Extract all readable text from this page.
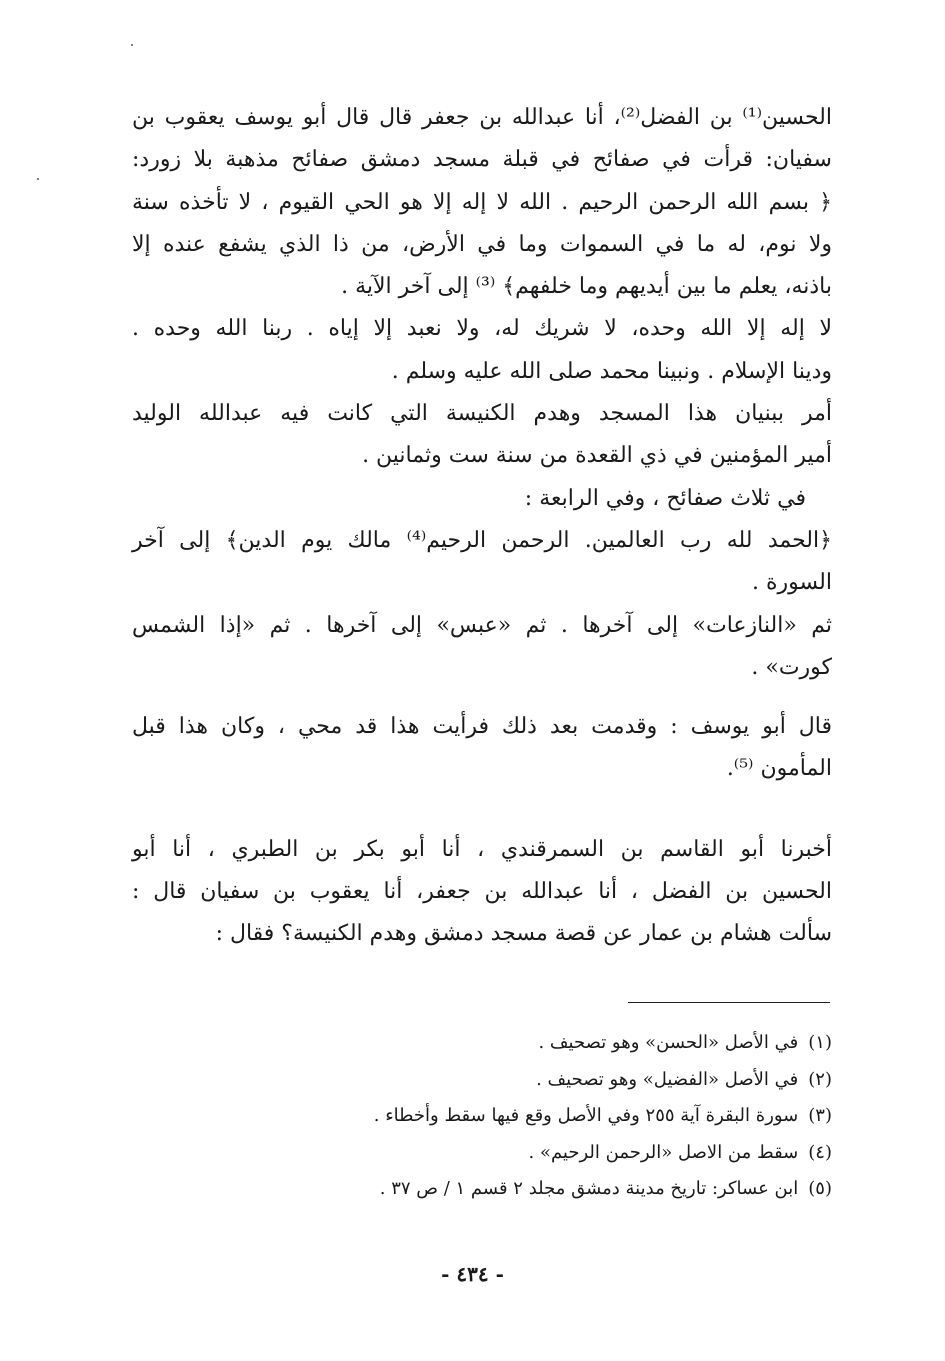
الحسين⁽¹⁾ بن الفضل⁽²⁾، أنا عبدالله بن جعفر قال قال أبو يوسف يعقوب بن
سفيان: قرأت في صفائح في قبلة مسجد دمشق صفائح مذهبة بلا زورد:
﴿ بسم الله الرحمن الرحيم . الله لا إله إلا هو الحي القيوم ، لا تأخذه سنة
ولا نوم، له ما في السموات وما في الأرض، من ذا الذي يشفع عنده إلا
باذنه، يعلم ما بين أيديهم وما خلفهم﴾ ⁽³⁾ إلى آخر الآية .
لا إله إلا الله وحده، لا شريك له، ولا نعبد إلا إياه . ربنا الله وحده .
ودينا الإسلام . ونبينا محمد صلى الله عليه وسلم .
أمر ببنيان هذا المسجد وهدم الكنيسة التي كانت فيه عبدالله الوليد
أمير المؤمنين في ذي القعدة من سنة ست وثمانين .
في ثلاث صفائح ، وفي الرابعة :
﴿الحمد لله رب العالمين. الرحمن الرحيم⁽⁴⁾ مالك يوم الدين﴾ إلى آخر
السورة .
ثم «النازعات» إلى آخرها . ثم «عبس» إلى آخرها . ثم «إذا الشمس
كورت» .
قال أبو يوسف : وقدمت بعد ذلك فرأيت هذا قد محي ، وكان هذا قبل
المأمون ⁽⁵⁾.
أخبرنا أبو القاسم بن السمرقندي ، أنا أبو بكر بن الطبري ، أنا أبو
الحسين بن الفضل ، أنا عبدالله بن جعفر، أنا يعقوب بن سفيان قال :
سألت هشام بن عمار عن قصة مسجد دمشق وهدم الكنيسة؟ فقال :
(١)في الأصل «الحسن» وهو تصحيف .
(٢)في الأصل «الفضيل» وهو تصحيف .
(٣)سورة البقرة آية ٢٥٥ وفي الأصل وقع فيها سقط وأخطاء .
(٤)سقط من الاصل «الرحمن الرحيم» .
(٥)ابن عساكر: تاريخ مدينة دمشق مجلد ٢ قسم ١ / ص ٣٧ .
- ٤٣٤ -
